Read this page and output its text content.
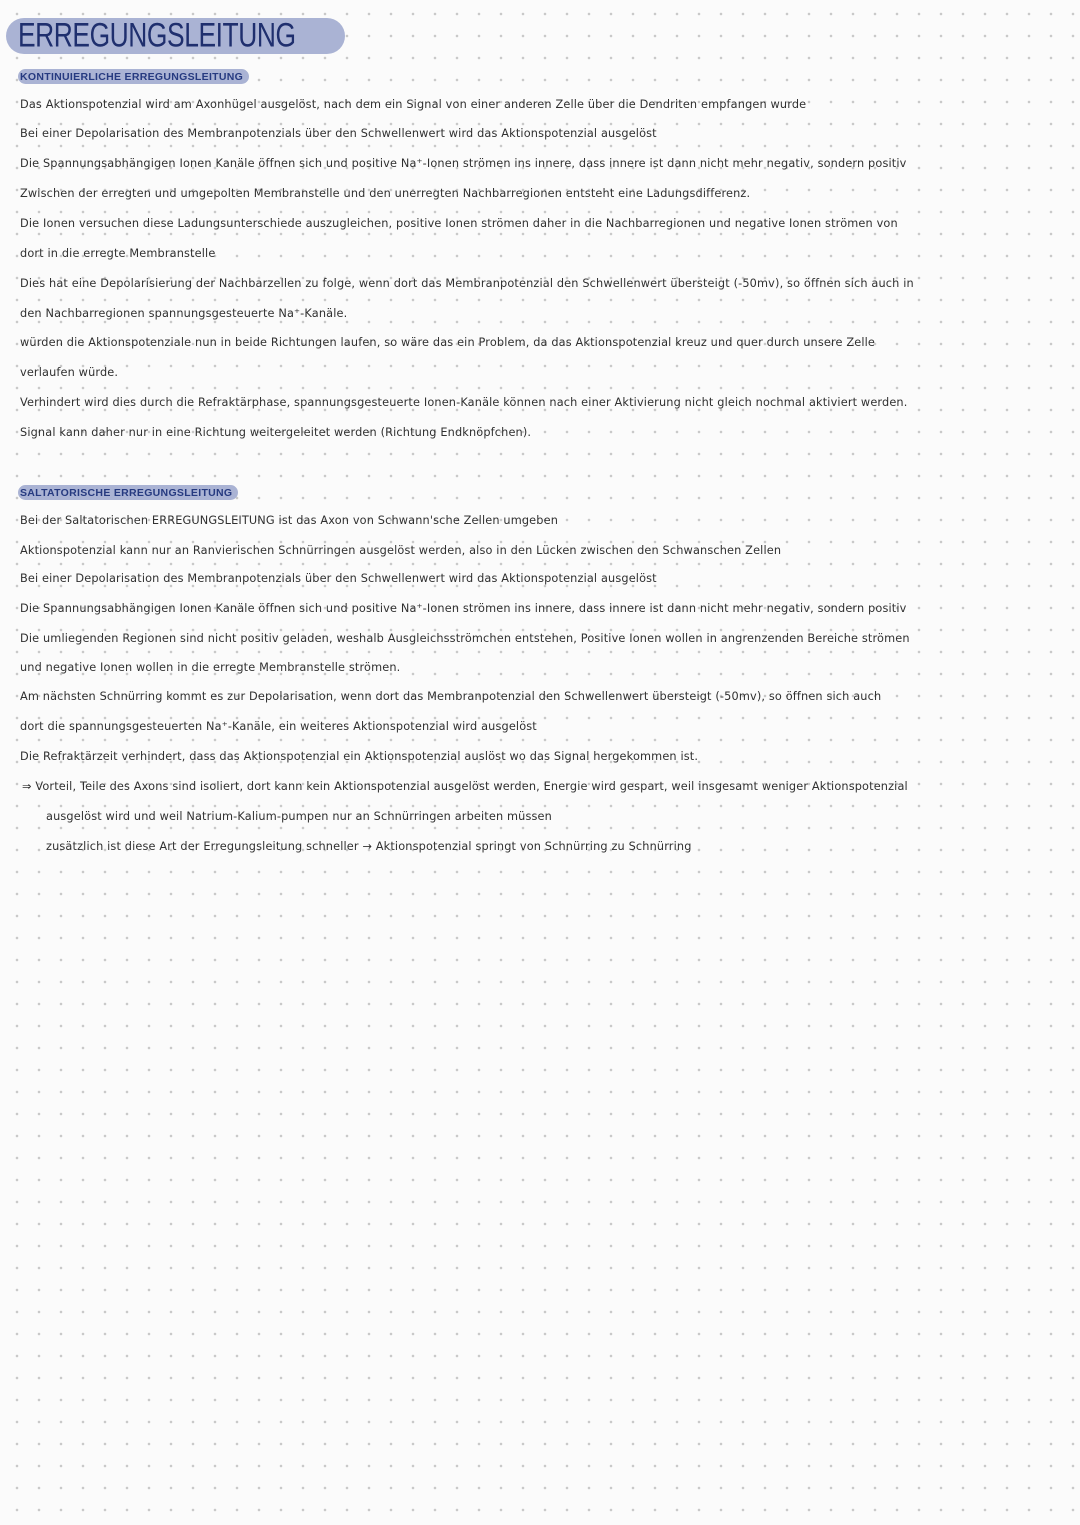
ERREGUNGSLEITUNG
KONTINUIERLICHE ERREGUNGSLEITUNG
Das Aktionspotenzial wird am Axonhügel ausgelöst, nach dem ein Signal von einer anderen Zelle über die Dendriten empfangen wurde
Bei einer Depolarisation des Membranpotenzials über den Schwellenwert wird das Aktionspotenzial ausgelöst
Die Spannungsabhängigen Ionen Kanäle öffnen sich und positive Na⁺-Ionen strömen ins innere, dass innere ist dann nicht mehr negativ, sondern positiv
Zwischen der erregten und umgepolten Membranstelle und den unerregten Nachbarregionen entsteht eine Ladungsdifferenz.
Die Ionen versuchen diese Ladungsunterschiede auszugleichen, positive Ionen strömen daher in die Nachbarregionen und negative Ionen strömen von
dort in die erregte Membranstelle
Dies hat eine Depolarisierung der Nachbarzellen zu folge, wenn dort das Membranpotenzial den Schwellenwert übersteigt (-50mv), so öffnen sich auch in
den Nachbarregionen spannungsgesteuerte Na⁺-Kanäle.
würden die Aktionspotenziale nun in beide Richtungen laufen, so wäre das ein Problem, da das Aktionspotenzial kreuz und quer durch unsere Zelle
verlaufen würde.
Verhindert wird dies durch die Refraktärphase, spannungsgesteuerte Ionen-Kanäle können nach einer Aktivierung nicht gleich nochmal aktiviert werden.
Signal kann daher nur in eine Richtung weitergeleitet werden (Richtung Endknöpfchen).
SALTATORISCHE ERREGUNGSLEITUNG
Bei der Saltatorischen ERREGUNGSLEITUNG ist das Axon von Schwann'sche Zellen umgeben
Aktionspotenzial kann nur an Ranvierischen Schnürringen ausgelöst werden, also in den Lücken zwischen den Schwanschen Zellen
Bei einer Depolarisation des Membranpotenzials über den Schwellenwert wird das Aktionspotenzial ausgelöst
Die Spannungsabhängigen Ionen Kanäle öffnen sich und positive Na⁺-Ionen strömen ins innere, dass innere ist dann nicht mehr negativ, sondern positiv
Die umliegenden Regionen sind nicht positiv geladen, weshalb Ausgleichsströmchen entstehen, Positive Ionen wollen in angrenzenden Bereiche strömen
und negative Ionen wollen in die erregte Membranstelle strömen.
Am nächsten Schnürring kommt es zur Depolarisation, wenn dort das Membranpotenzial den Schwellenwert übersteigt (-50mv), so öffnen sich auch
dort die spannungsgesteuerten Na⁺-Kanäle, ein weiteres Aktionspotenzial wird ausgelöst
Die Refraktärzeit verhindert, dass das Aktionspotenzial ein Aktionspotenzial auslöst wo das Signal hergekommen ist.
⇒ Vorteil, Teile des Axons sind isoliert, dort kann kein Aktionspotenzial ausgelöst werden, Energie wird gespart, weil insgesamt weniger Aktionspotenzial
ausgelöst wird und weil Natrium-Kalium-pumpen nur an Schnürringen arbeiten müssen
zusätzlich ist diese Art der Erregungsleitung schneller → Aktionspotenzial springt von Schnürring zu Schnürring
